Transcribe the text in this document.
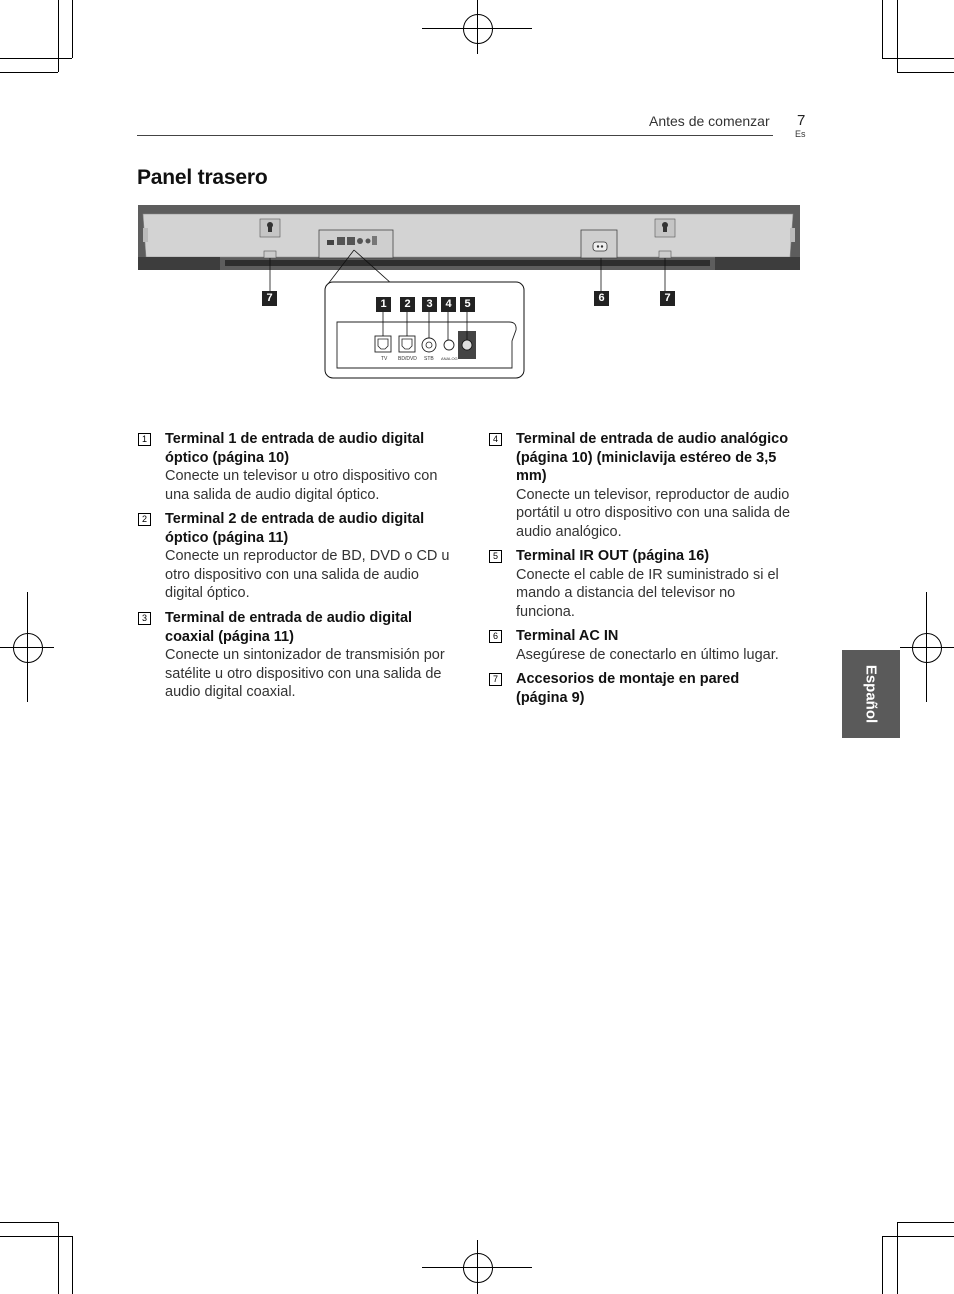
Antes de comenzar 7
Es
Panel trasero
TV BD/DVD STB ANALOG
7	6	7
1	2	3	4	5
1 Terminal 1 de entrada de audio digital óptico (página 10)
Conecte un televisor u otro dispositivo con una salida de audio digital óptico.
2 Terminal 2 de entrada de audio digital óptico (página 11)
Conecte un reproductor de BD, DVD o CD u otro dispositivo con una salida de audio digital óptico.
3 Terminal de entrada de audio digital coaxial (página 11)
Conecte un sintonizador de transmisión por satélite u otro dispositivo con una salida de audio digital coaxial.
4 Terminal de entrada de audio analógico (página 10) (miniclavija estéreo de 3,5 mm)
Conecte un televisor, reproductor de audio portátil u otro dispositivo con una salida de audio analógico.
5 Terminal IR OUT (página 16)
Conecte el cable de IR suministrado si el mando a distancia del televisor no funciona.
6 Terminal AC IN
Asegúrese de conectarlo en último lugar.
7 Accesorios de montaje en pared (página 9)	Español
